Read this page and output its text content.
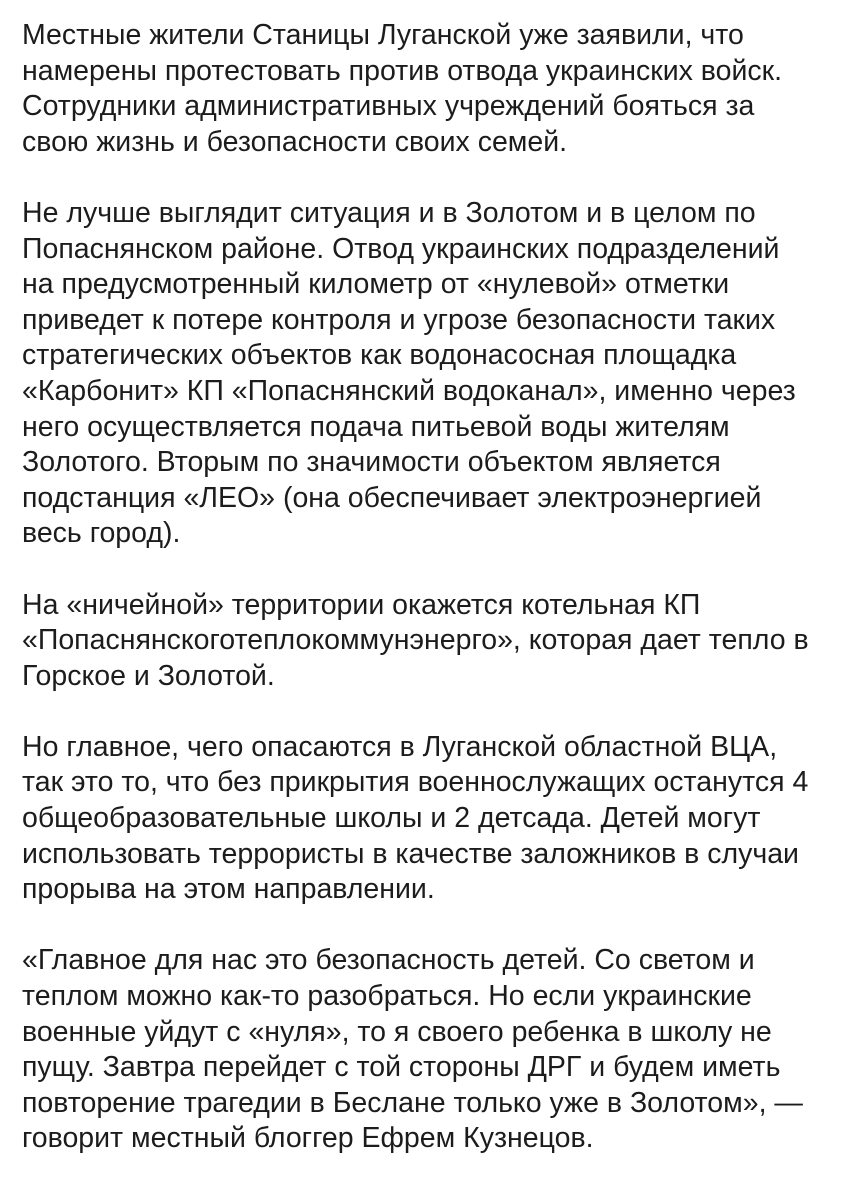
Местные жители Станицы Луганской уже заявили, что
намерены протестовать против отвода украинских войск.
Сотрудники административных учреждений бояться за
свою жизнь и безопасности своих семей.

Не лучше выглядит ситуация и в Золотом и в целом по
Попаснянском районе. Отвод украинских подразделений
на предусмотренный километр от «нулевой» отметки
приведет к потере контроля и угрозе безопасности таких
стратегических объектов как водонасосная площадка
«Карбонит» КП «Попаснянский водоканал», именно через
него осуществляется подача питьевой воды жителям
Золотого. Вторым по значимости объектом является
подстанция «ЛЕО» (она обеспечивает электроэнергией
весь город).

На «ничейной» территории окажется котельная КП
«Попаснянскоготеплокоммунэнерго», которая дает тепло в
Горское и Золотой.

Но главное, чего опасаются в Луганской областной ВЦА,
так это то, что без прикрытия военнослужащих останутся 4
общеобразовательные школы и 2 детсада. Детей могут
использовать террористы в качестве заложников в случаи
прорыва на этом направлении.

«Главное для нас это безопасность детей. Со светом и
теплом можно как-то разобраться. Но если украинские
военные уйдут с «нуля», то я своего ребенка в школу не
пущу. Завтра перейдет с той стороны ДРГ и будем иметь
повторение трагедии в Беслане только уже в Золотом», —
говорит местный блоггер Ефрем Кузнецов.
